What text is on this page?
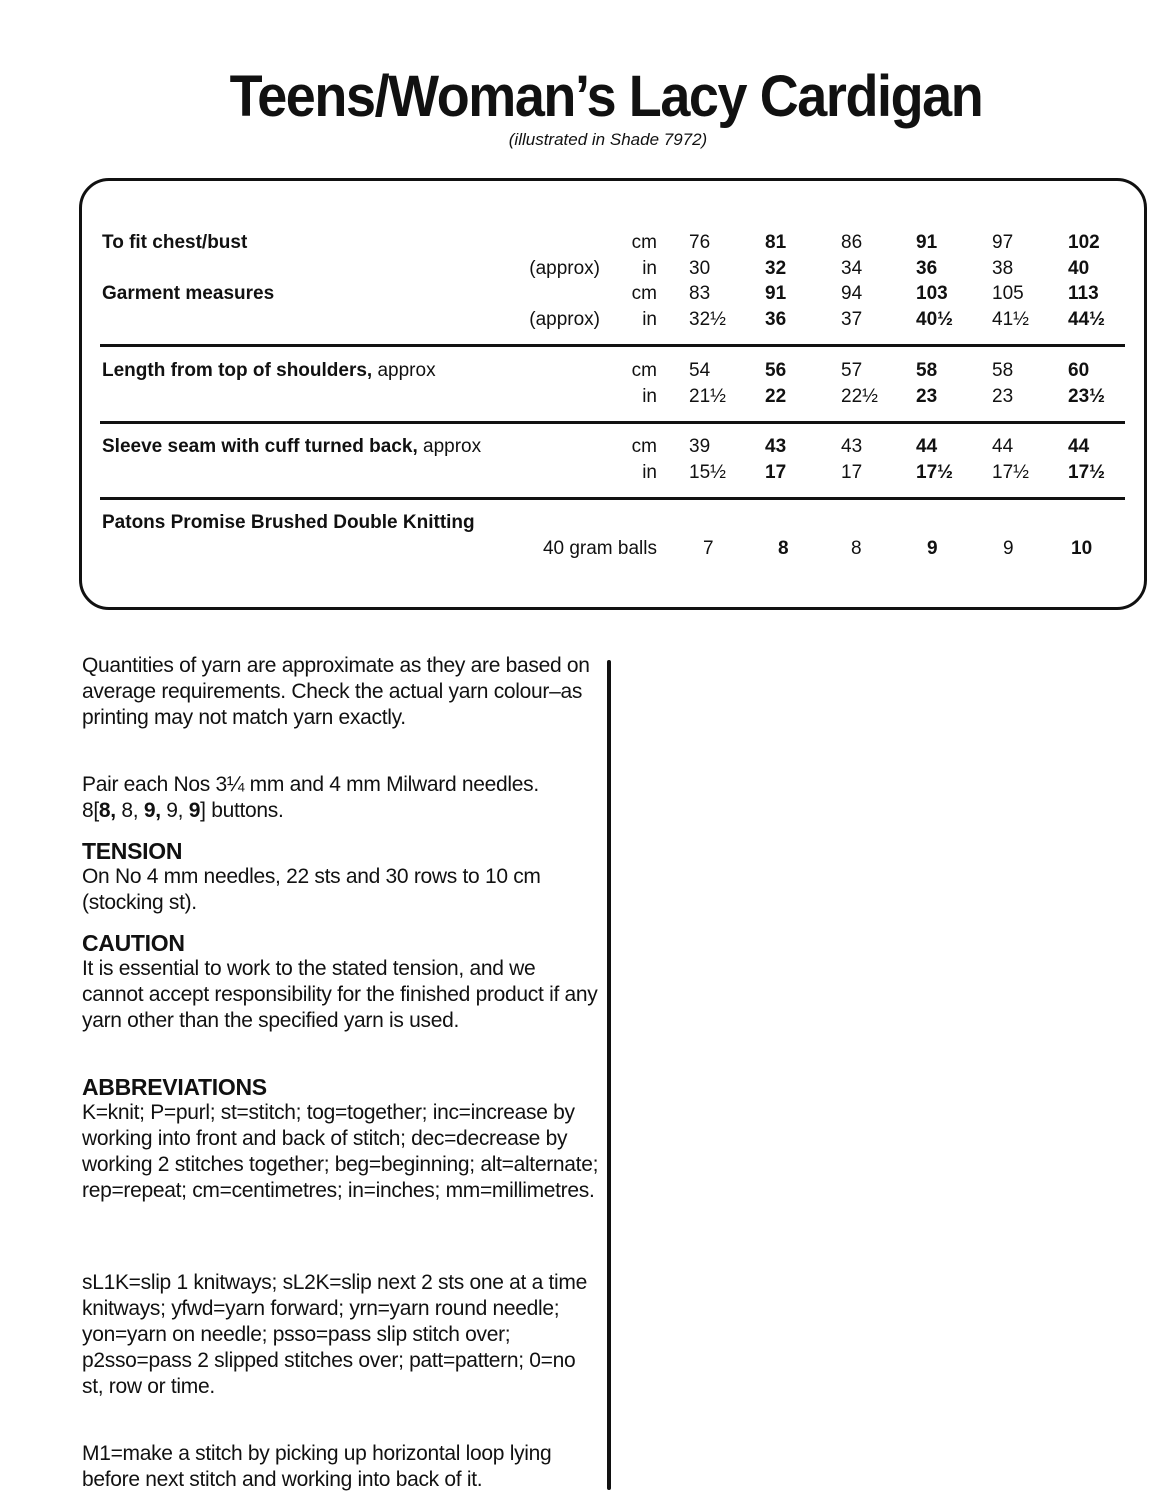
Teens/Woman’s Lacy Cardigan
(illustrated in Shade 7972)
To fit chest/bust	cm 76	81	86	91	97	102
(approx)	in 30	32	34	36	38	40
Garment measures	cm 83	91	94	103	105	113
(approx)	in 32½	36	37	40½	41½	44½
Length from top of shoulders, approx	cm 54	56	57	58	58	60
in 21½	22	22½	23	23	23½
Sleeve seam with cuff turned back, approx	cm 39	43	43	44	44	44
in 15½	17	17	17½	17½	17½
Patons Promise Brushed Double Knitting
40 gram balls 7	8	8	9	9	10
Quantities of yarn are approximate as they are based on average requirements. Check the actual yarn colour–as printing may not match yarn exactly.
Pair each Nos 3¼ mm and 4 mm Milward needles.
8[8, 8, 9, 9, 9] buttons.
TENSION
On No 4 mm needles, 22 sts and 30 rows to 10 cm (stocking st).
CAUTION
It is essential to work to the stated tension, and we cannot accept responsibility for the finished product if any yarn other than the specified yarn is used.
ABBREVIATIONS
K=knit; P=purl; st=stitch; tog=together; inc=increase by working into front and back of stitch; dec=decrease by working 2 stitches together; beg=beginning; alt=alternate; rep=repeat; cm=centimetres; in=inches; mm=millimetres.
sL1K=slip 1 knitways; sL2K=slip next 2 sts one at a time knitways; yfwd=yarn forward; yrn=yarn round needle; yon=yarn on needle; psso=pass slip stitch over; p2sso=pass 2 slipped stitches over; patt=pattern; 0=no st, row or time.
M1=make a stitch by picking up horizontal loop lying before next stitch and working into back of it.
